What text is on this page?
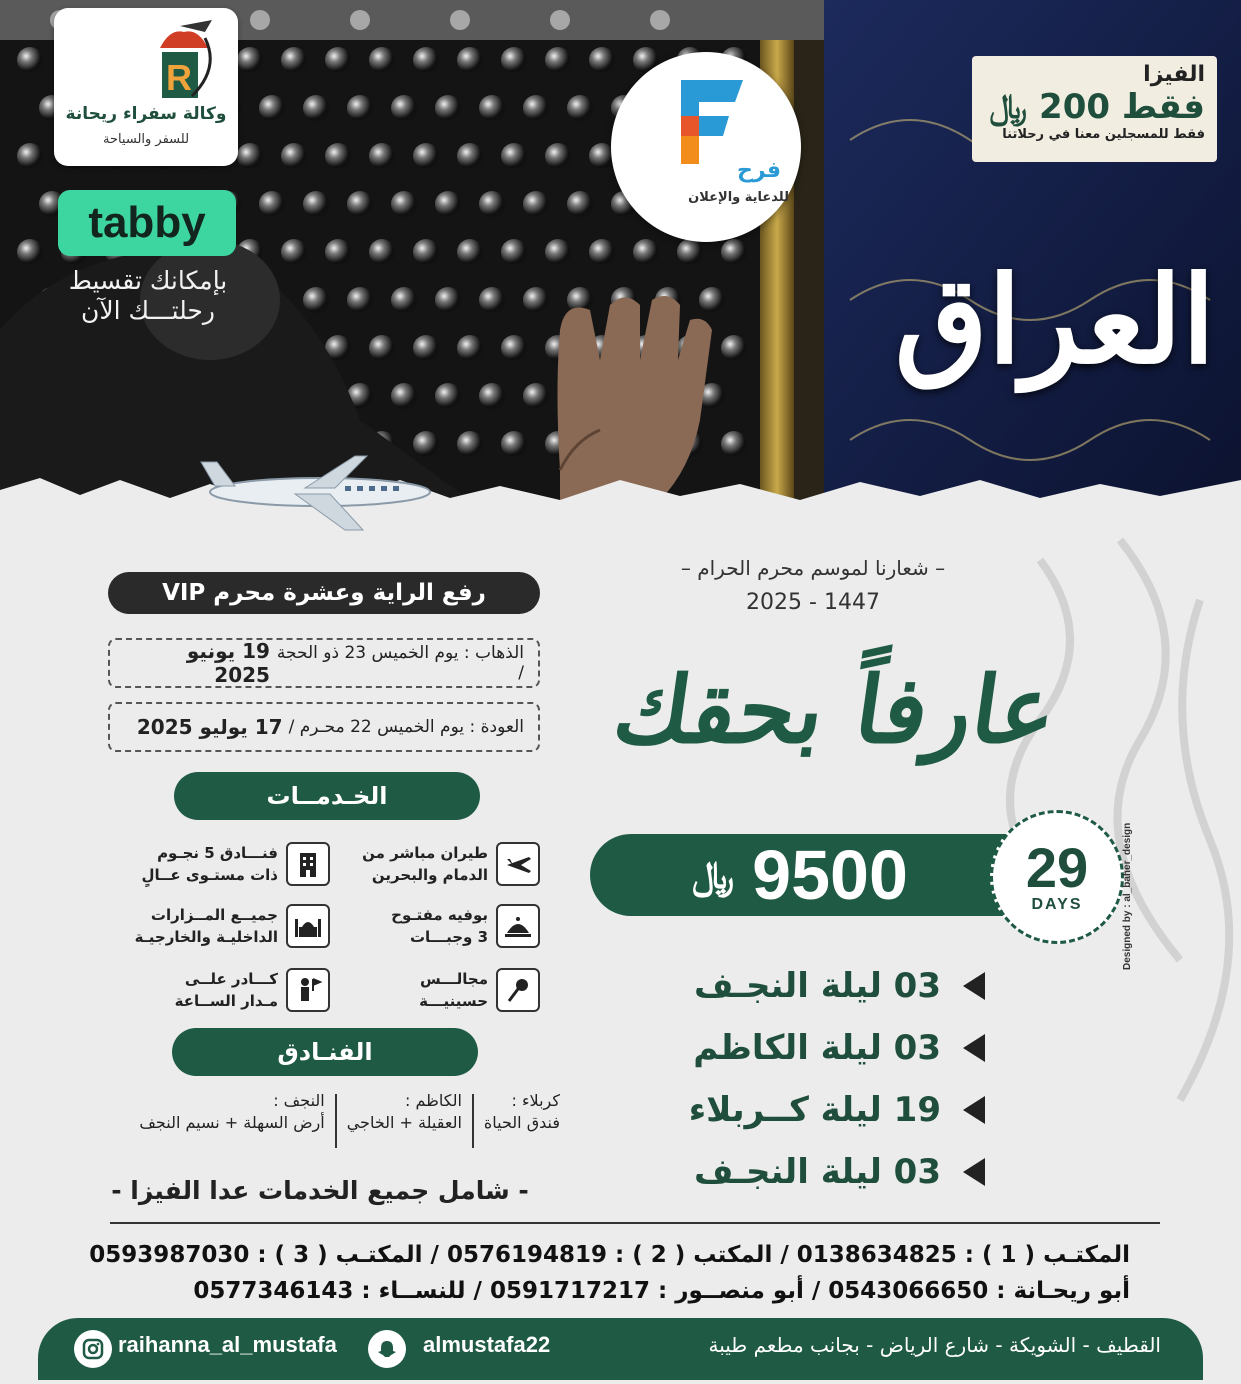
R
وكالة سفراء ريحانة
للسفر والسياحة
فرح
للدعاية والإعلان
tabby
بإمكانك تقسيط
رحلتـــك الآن
الفيزا
فقط 200 ﷼
فقط للمسجلين معنا في رحلاتنا
العراق
– شعارنا لموسم محرم الحرام –
2025 - 1447
عارفاً بحقك
رفع الراية وعشرة محرم VIP
الذهاب : يوم الخميس 23 ذو الحجة /
19 يونيو 2025
العودة : يوم الخميس 22 محـرم /
17 يوليو 2025
الخـدمــات
طيران مباشر من
الدمام والبحرين
فنـــادق 5 نجـوم
ذات مستـوى عــالٍ
بوفيه مفتـوح
3 وجبـــات
جميــع المــزارات
الداخليـة والخارجيـة
مجالـــس
حسينيـــة
كـــادر علــى
مـدار الســاعة
الفنـادق
كربلاء :
فندق الحياة
الكاظم :
العقيلة + الخاجي
النجف :
أرض السهلة + نسيم النجف
- شامل جميع الخدمات عدا الفيزا -
﷼ 9500 29
DAYS	Designed by : al_baher_design
03 ليلة النجـف
03 ليلة الكاظم
19 ليلة كــربلاء
03 ليلة النجـف
المكتـب ( 1 ) : 0138634825 / المكتب ( 2 ) : 0576194819 / المكتـب ( 3 ) : 0593987030
أبو ريحـانة : 0543066650 / أبو منصــور : 0591717217 / للنســاء : 0577346143
raihanna_al_mustafa	almustafa22	القطيف - الشويكة - شارع الرياض - بجانب مطعم طيبة
